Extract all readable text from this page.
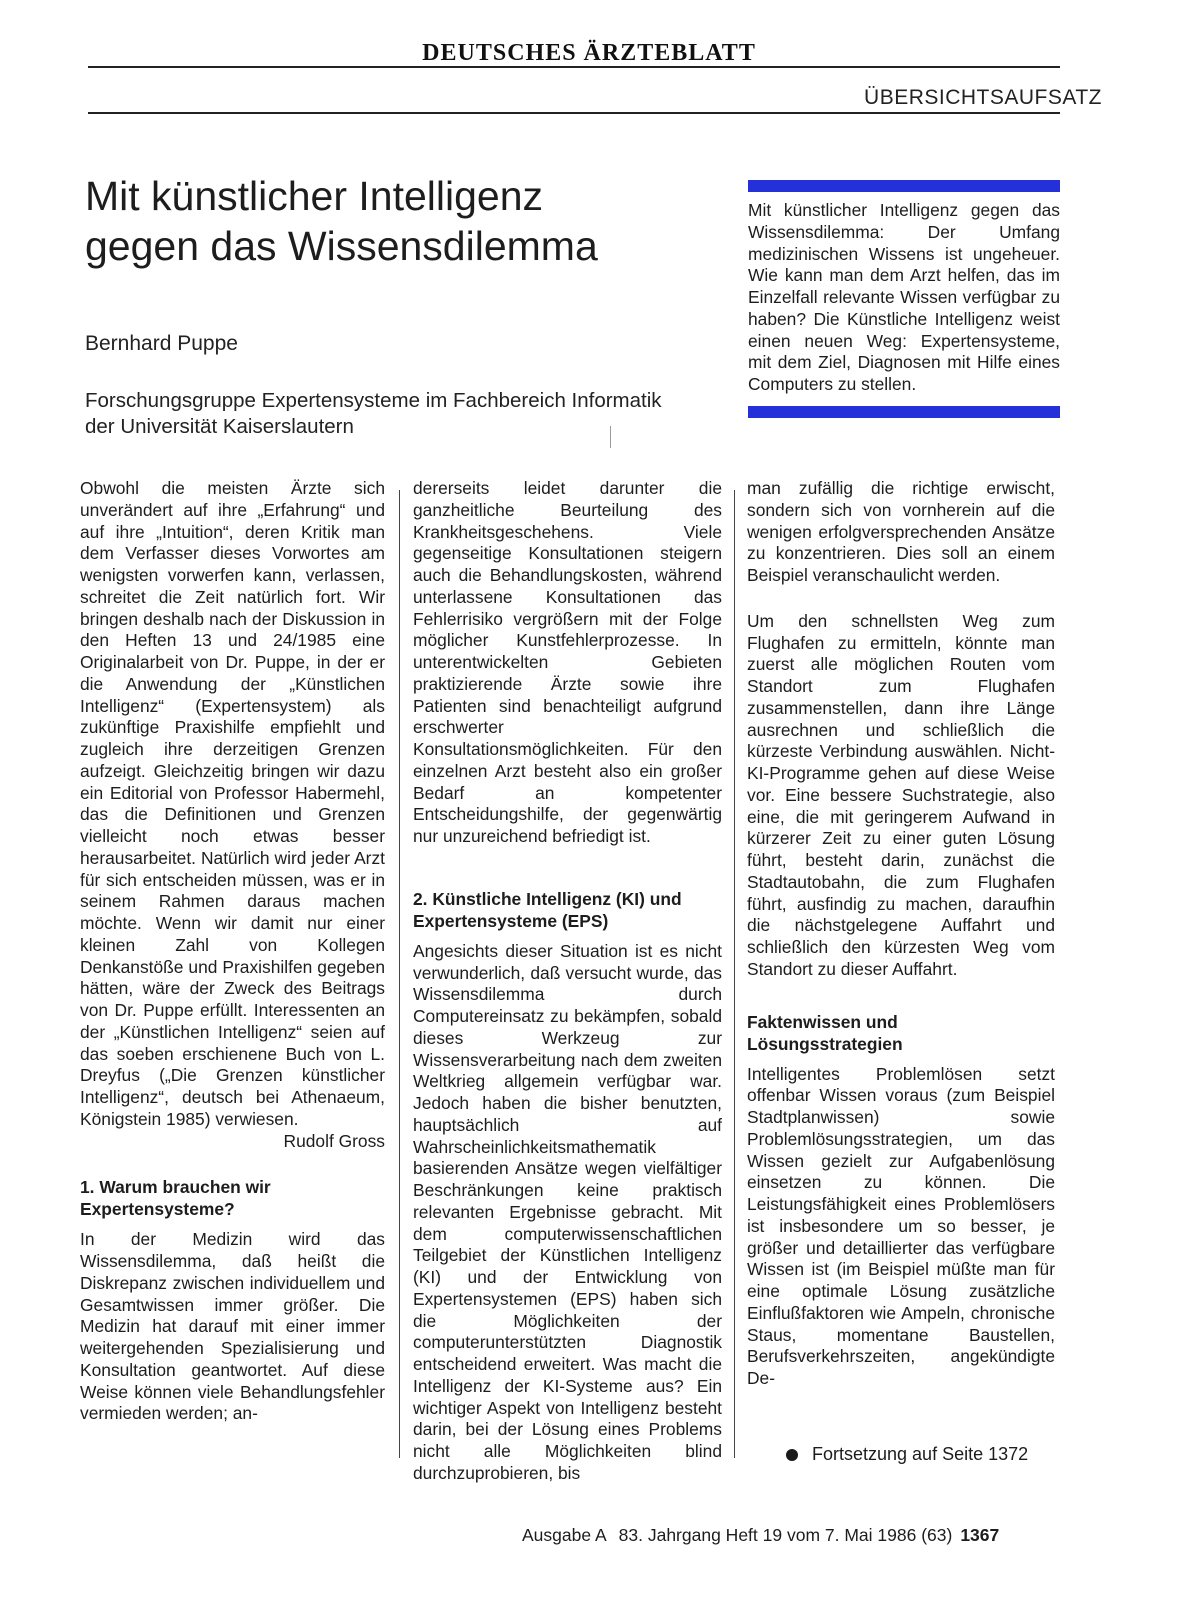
DEUTSCHES ÄRZTEBLATT
ÜBERSICHTSAUFSATZ
Mit künstlicher Intelligenz
gegen das Wissensdilemma
Bernhard Puppe
Forschungsgruppe Expertensysteme im Fachbereich Informatik
der Universität Kaiserslautern

Mit künstlicher Intelligenz gegen das Wissensdilemma: Der Umfang medizinischen Wissens ist ungeheuer. Wie kann man dem Arzt helfen, das im Einzelfall relevante Wissen verfügbar zu haben? Die Künstliche Intelligenz weist einen neuen Weg: Expertensysteme, mit dem Ziel, Diagnosen mit Hilfe eines Computers zu stellen.

Obwohl die meisten Ärzte sich unverändert auf ihre „Erfahrung“ und auf ihre „Intuition“, deren Kritik man dem Verfasser dieses Vorwortes am wenigsten vorwerfen kann, verlassen, schreitet die Zeit natürlich fort. Wir bringen deshalb nach der Diskussion in den Heften 13 und 24/1985 eine Originalarbeit von Dr. Puppe, in der er die Anwendung der „Künstlichen Intelligenz“ (Expertensystem) als zukünftige Praxishilfe empfiehlt und zugleich ihre derzeitigen Grenzen aufzeigt. Gleichzeitig bringen wir dazu ein Editorial von Professor Habermehl, das die Definitionen und Grenzen vielleicht noch etwas besser herausarbeitet. Natürlich wird jeder Arzt für sich entscheiden müssen, was er in seinem Rahmen daraus machen möchte. Wenn wir damit nur einer kleinen Zahl von Kollegen Denkanstöße und Praxishilfen gegeben hätten, wäre der Zweck des Beitrags von Dr. Puppe erfüllt. Interessenten an der „Künstlichen Intelligenz“ seien auf das soeben erschienene Buch von L. Dreyfus („Die Grenzen künstlicher Intelligenz“, deutsch bei Athenaeum, Königstein 1985) verwiesen.

Rudolf Gross
1. Warum brauchen wir Expertensysteme?

In der Medizin wird das Wissensdilemma, daß heißt die Diskrepanz zwischen individuellem und Gesamtwissen immer größer. Die Medizin hat darauf mit einer immer weitergehenden Spezialisierung und Konsultation geantwortet. Auf diese Weise können viele Behandlungsfehler vermieden werden; an-

dererseits leidet darunter die ganzheitliche Beurteilung des Krankheitsgeschehens. Viele gegenseitige Konsultationen steigern auch die Behandlungskosten, während unterlassene Konsultationen das Fehlerrisiko vergrößern mit der Folge möglicher Kunstfehlerprozesse. In unterentwickelten Gebieten praktizierende Ärzte sowie ihre Patienten sind benachteiligt aufgrund erschwerter Konsultationsmöglichkeiten. Für den einzelnen Arzt besteht also ein großer Bedarf an kompetenter Entscheidungshilfe, der gegenwärtig nur unzureichend befriedigt ist.

2. Künstliche Intelligenz (KI) und Expertensysteme (EPS)

Angesichts dieser Situation ist es nicht verwunderlich, daß versucht wurde, das Wissensdilemma durch Computereinsatz zu bekämpfen, sobald dieses Werkzeug zur Wissensverarbeitung nach dem zweiten Weltkrieg allgemein verfügbar war. Jedoch haben die bisher benutzten, hauptsächlich auf Wahrscheinlichkeitsmathematik basierenden Ansätze wegen vielfältiger Beschränkungen keine praktisch relevanten Ergebnisse gebracht. Mit dem computerwissenschaftlichen Teilgebiet der Künstlichen Intelligenz (KI) und der Entwicklung von Expertensystemen (EPS) haben sich die Möglichkeiten der computerunterstützten Diagnostik entscheidend erweitert. Was macht die Intelligenz der KI-Systeme aus? Ein wichtiger Aspekt von Intelligenz besteht darin, bei der Lösung eines Problems nicht alle Möglichkeiten blind durchzuprobieren, bis

man zufällig die richtige erwischt, sondern sich von vornherein auf die wenigen erfolgversprechenden Ansätze zu konzentrieren. Dies soll an einem Beispiel veranschaulicht werden.

Um den schnellsten Weg zum Flughafen zu ermitteln, könnte man zuerst alle möglichen Routen vom Standort zum Flughafen zusammenstellen, dann ihre Länge ausrechnen und schließlich die kürzeste Verbindung auswählen. Nicht-KI-Programme gehen auf diese Weise vor. Eine bessere Suchstrategie, also eine, die mit geringerem Aufwand in kürzerer Zeit zu einer guten Lösung führt, besteht darin, zunächst die Stadtautobahn, die zum Flughafen führt, ausfindig zu machen, daraufhin die nächstgelegene Auffahrt und schließlich den kürzesten Weg vom Standort zu dieser Auffahrt.

Faktenwissen und Lösungsstrategien

Intelligentes Problemlösen setzt offenbar Wissen voraus (zum Beispiel Stadtplanwissen) sowie Problemlösungsstrategien, um das Wissen gezielt zur Aufgabenlösung einsetzen zu können. Die Leistungsfähigkeit eines Problemlösers ist insbesondere um so besser, je größer und detaillierter das verfügbare Wissen ist (im Beispiel müßte man für eine optimale Lösung zusätzliche Einflußfaktoren wie Ampeln, chronische Staus, momentane Baustellen, Berufsverkehrszeiten, angekündigte De-

Fortsetzung auf Seite 1372
Ausgabe A 83. Jahrgang Heft 19 vom 7. Mai 1986 (63) 1367
